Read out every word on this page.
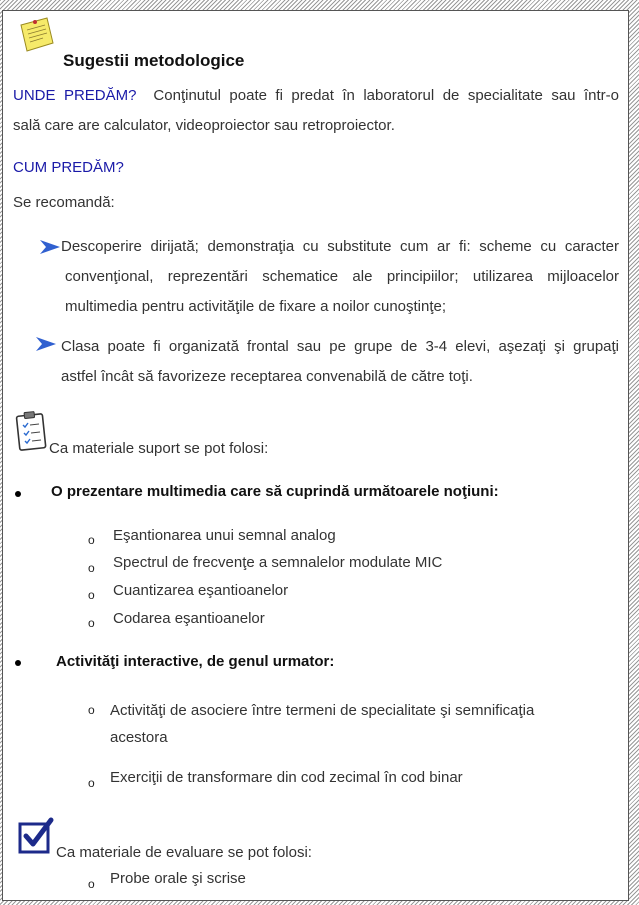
Sugestii metodologice
UNDE PREDĂM? Conţinutul poate fi predat în laboratorul de specialitate sau într-o
sală care are calculator, videoproiector sau retroproiector.
CUM PREDĂM?
Se recomandă:
Descoperire dirijată; demonstraţia cu substitute cum ar fi: scheme cu caracter
convenţional, reprezentări schematice ale principiilor; utilizarea mijloacelor
multimedia pentru activităţile de fixare a noilor cunoştinţe;
Clasa poate fi organizată frontal sau pe grupe de 3-4 elevi, aşezaţi şi grupaţi
astfel încât să favorizeze receptarea convenabilă de către toţi.
Ca materiale suport se pot folosi:
O prezentare multimedia care să cuprindă următoarele noţiuni:
o Eşantionarea unui semnal analog
o Spectrul de frecvenţe a semnalelor modulate MIC
o Cuantizarea eşantioanelor
o Codarea eşantioanelor
Activităţi interactive, de genul urmator:
o Activităţi de asociere între termeni de specialitate şi semnificaţia
acestora
o Exerciţii de transformare din cod zecimal în cod binar
Ca materiale de evaluare se pot folosi:
o Probe orale şi scrise
